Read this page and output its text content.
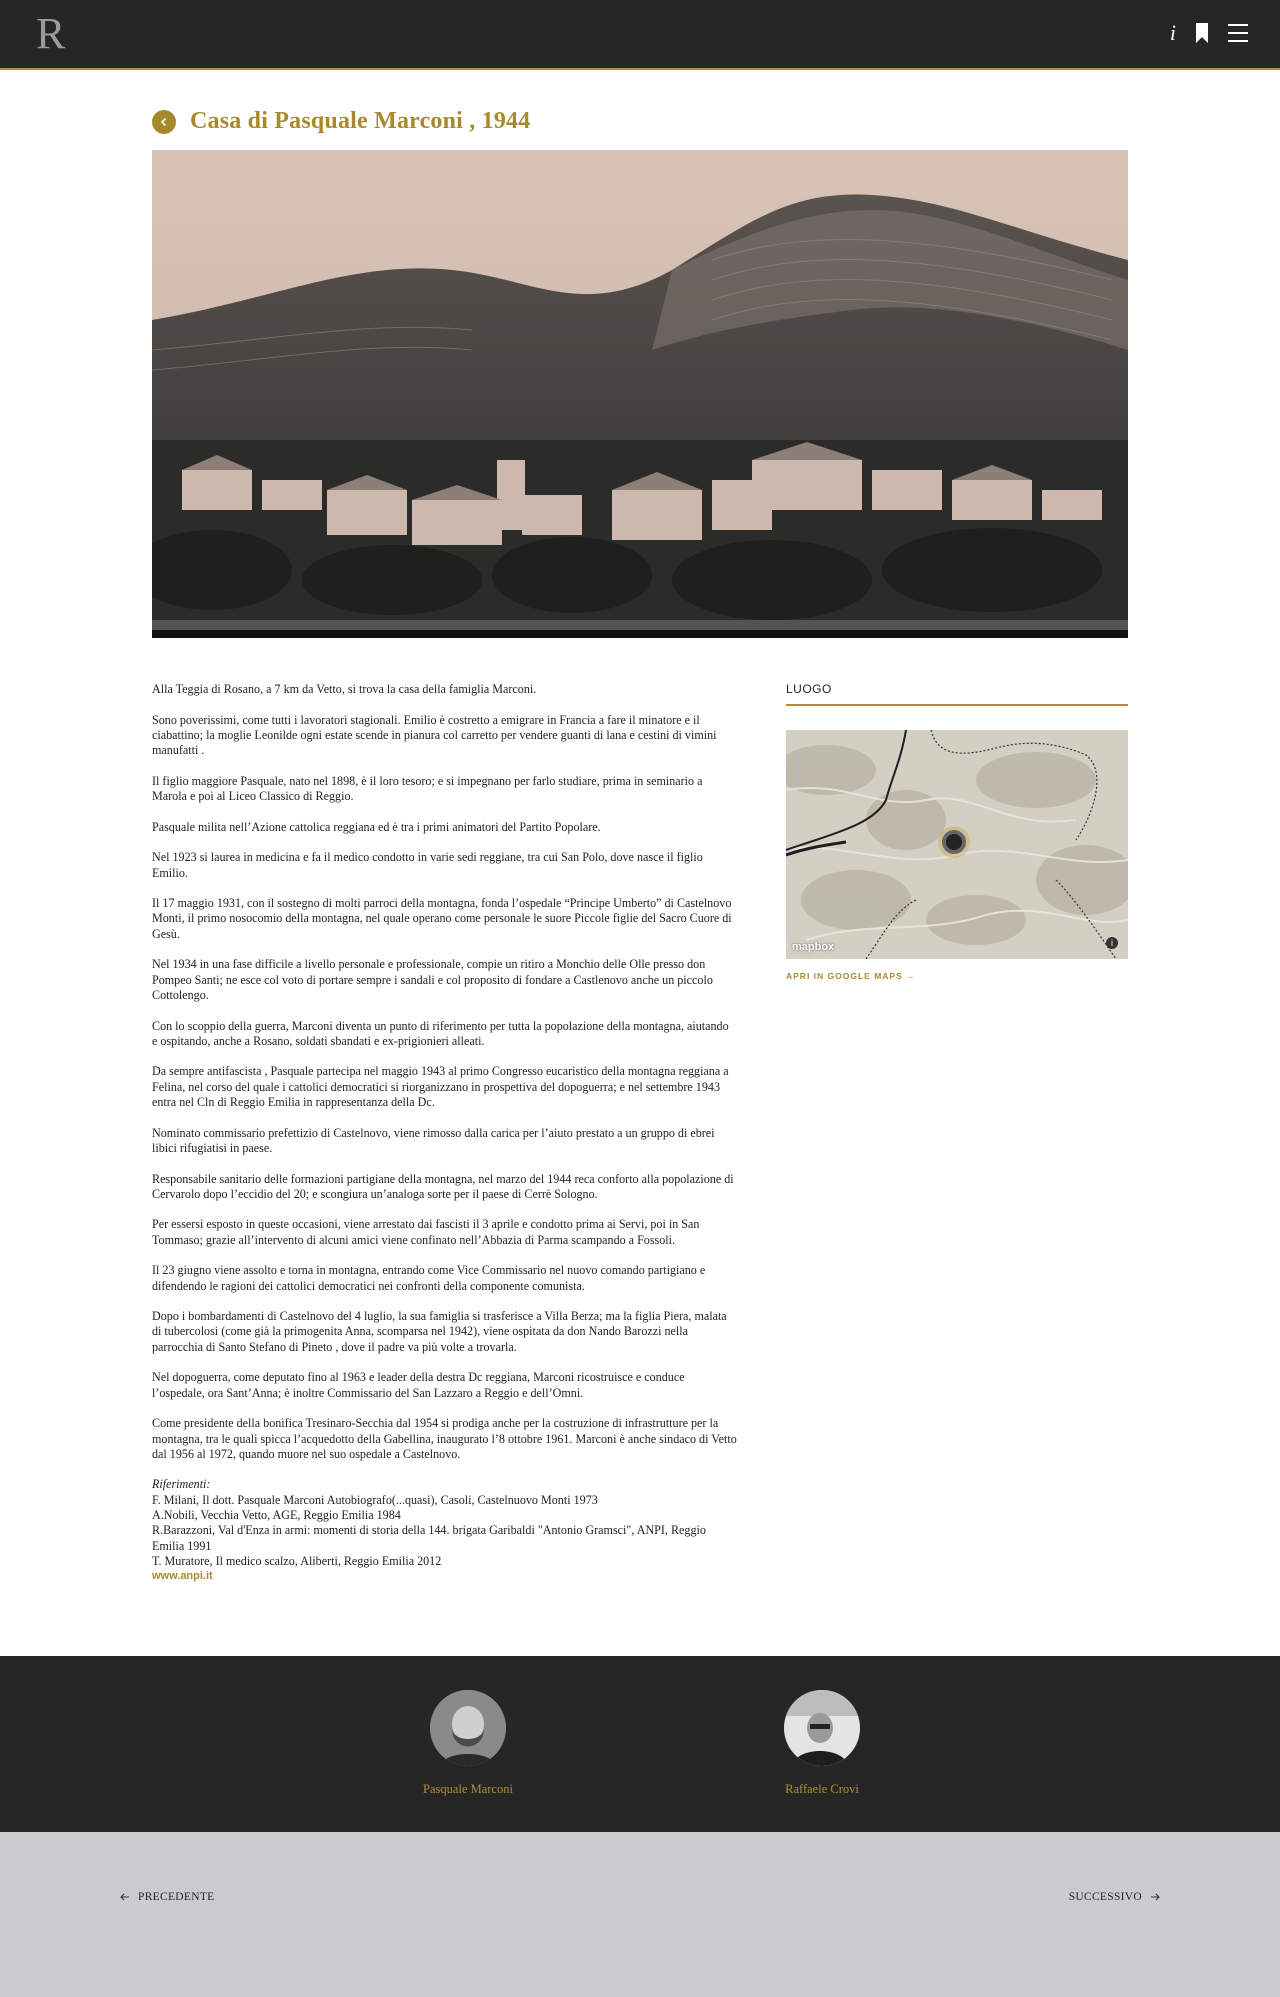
R	i
Casa di Pasquale Marconi , 1944

Alla Teggia di Rosano, a 7 km da Vetto, si trova la casa della famiglia Marconi.

Sono poverissimi, come tutti i lavoratori stagionali. Emilio è costretto a emigrare in Francia a fare il minatore e il ciabattino; la moglie Leonilde ogni estate scende in pianura col carretto per vendere guanti di lana e cestini di vimini manufatti .

Il figlio maggiore Pasquale, nato nel 1898, è il loro tesoro; e si impegnano per farlo studiare, prima in seminario a Marola e poi al Liceo Classico di Reggio.

Pasquale milita nell’Azione cattolica reggiana ed è tra i primi animatori del Partito Popolare.

Nel 1923 si laurea in medicina e fa il medico condotto in varie sedi reggiane, tra cui San Polo, dove nasce il figlio Emilio.

Il 17 maggio 1931, con il sostegno di molti parroci della montagna, fonda l’ospedale “Principe Umberto” di Castelnovo Monti, il primo nosocomio della montagna, nel quale operano come personale le suore Piccole figlie del Sacro Cuore di Gesù.

Nel 1934 in una fase difficile a livello personale e professionale, compie un ritiro a Monchio delle Olle presso don Pompeo Santi; ne esce col voto di portare sempre i sandali e col proposito di fondare a Castlenovo anche un piccolo Cottolengo.

Con lo scoppio della guerra, Marconi diventa un punto di riferimento per tutta la popolazione della montagna, aiutando e ospitando, anche a Rosano, soldati sbandati e ex-prigionieri alleati.

Da sempre antifascista , Pasquale partecipa nel maggio 1943 al primo Congresso eucaristico della montagna reggiana a Felina, nel corso del quale i cattolici democratici si riorganizzano in prospettiva del dopoguerra; e nel settembre 1943 entra nel Cln di Reggio Emilia in rappresentanza della Dc.

Nominato commissario prefettizio di Castelnovo, viene rimosso dalla carica per l’aiuto prestato a un gruppo di ebrei libici rifugiatisi in paese.

Responsabile sanitario delle formazioni partigiane della montagna, nel marzo del 1944 reca conforto alla popolazione di Cervarolo dopo l’eccidio del 20; e scongiura un’analoga sorte per il paese di Cerrè Sologno.

Per essersi esposto in queste occasioni, viene arrestato dai fascisti il 3 aprile e condotto prima ai Servi, poi in San Tommaso; grazie all’intervento di alcuni amici viene confinato nell’Abbazia di Parma scampando a Fossoli.

Il 23 giugno viene assolto e torna in montagna, entrando come Vice Commissario nel nuovo comando partigiano e difendendo le ragioni dei cattolici democratici nei confronti della componente comunista.

Dopo i bombardamenti di Castelnovo del 4 luglio, la sua famiglia si trasferisce a Villa Berza; ma la figlia Piera, malata di tubercolosi (come già la primogenita Anna, scomparsa nel 1942), viene ospitata da don Nando Barozzi nella parrocchia di Santo Stefano di Pineto , dove il padre va più volte a trovarla.

Nel dopoguerra, come deputato fino al 1963 e leader della destra Dc reggiana, Marconi ricostruisce e conduce l’ospedale, ora Sant’Anna; è inoltre Commissario del San Lazzaro a Reggio e dell’Omni.

Come presidente della bonifica Tresinaro-Secchia dal 1954 si prodiga anche per la costruzione di infrastrutture per la montagna, tra le quali spicca l’acquedotto della Gabellina, inaugurato l’8 ottobre 1961. Marconi è anche sindaco di Vetto dal 1956 al 1972, quando muore nel suo ospedale a Castelnovo.

Riferimenti:
F. Milani, Il dott. Pasquale Marconi Autobiografo(...quasi), Casoli, Castelnuovo Monti 1973
A.Nobili, Vecchia Vetto, AGE, Reggio Emilia 1984
R.Barazzoni, Val d'Enza in armi: momenti di storia della 144. brigata Garibaldi "Antonio Gramsci", ANPI, Reggio Emilia 1991
T. Muratore, Il medico scalzo, Aliberti, Reggio Emilia 2012
www.anpi.it
LUOGO
mapbox	i
APRI IN GOOGLE MAPS →
Pasquale Marconi	Raffaele Crovi
PRECEDENTE	SUCCESSIVO
